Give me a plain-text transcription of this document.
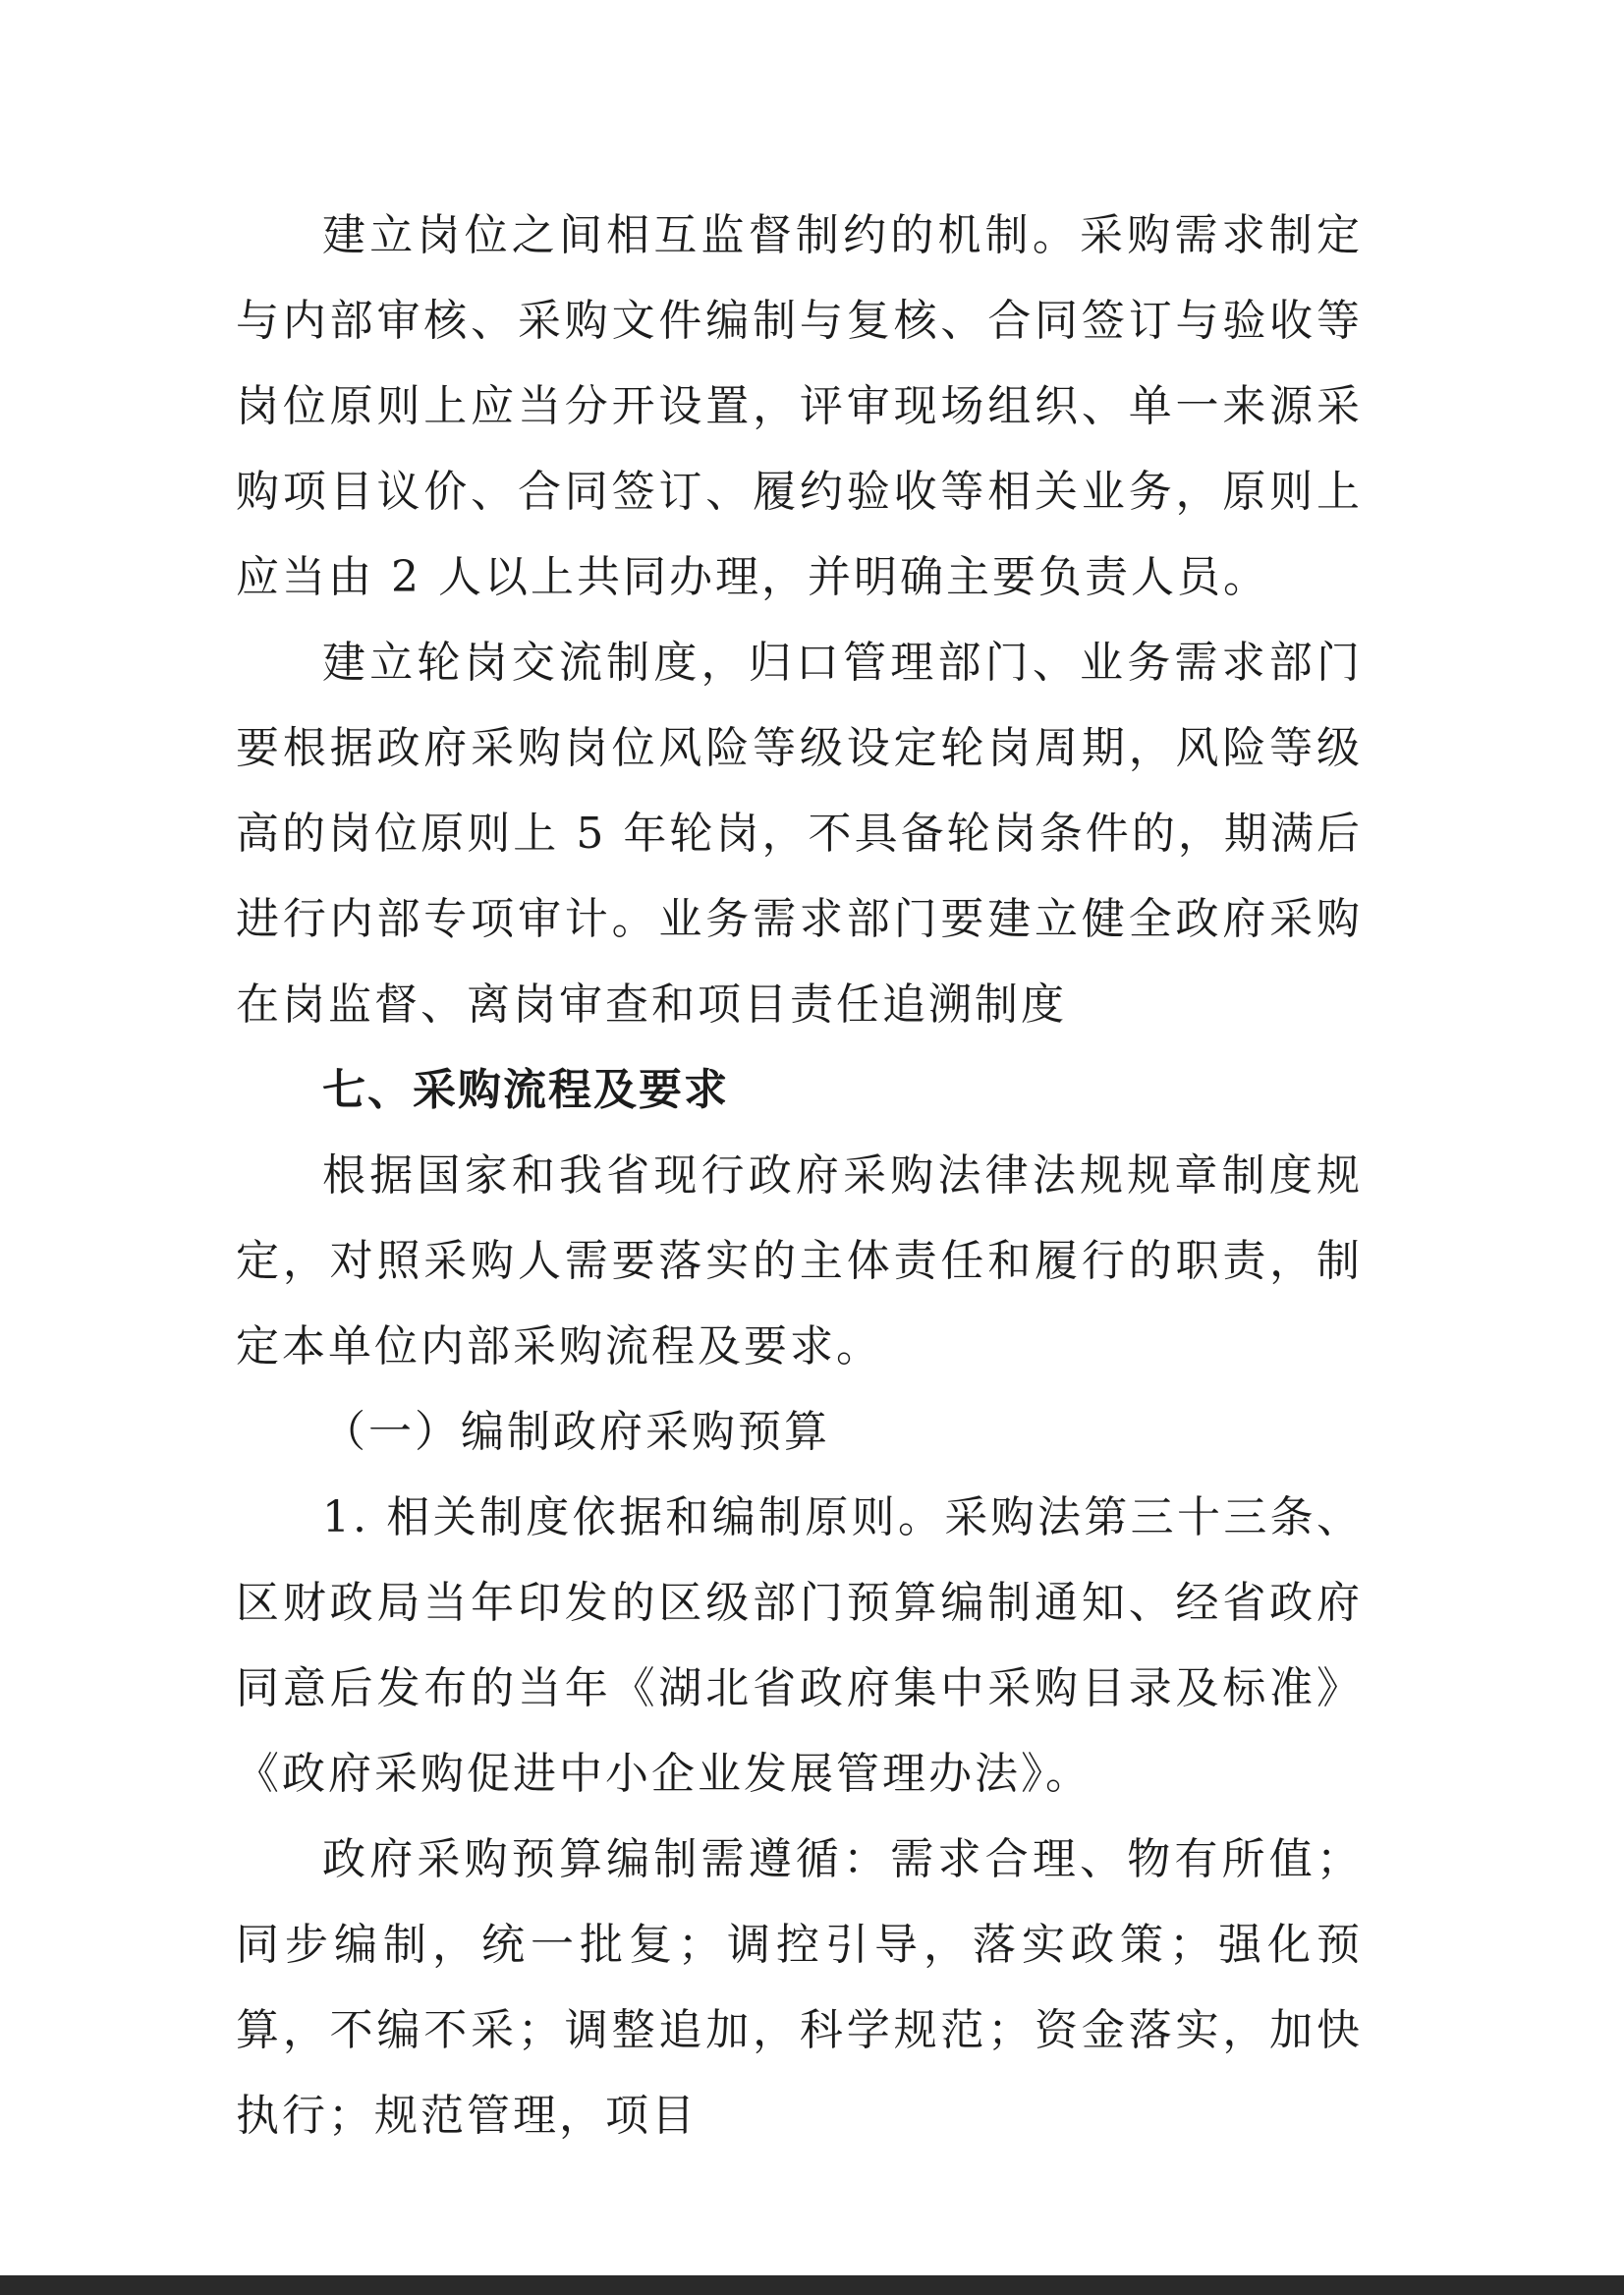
建立岗位之间相互监督制约的机制。采购需求制定与内部审核、采购文件编制与复核、合同签订与验收等岗位原则上应当分开设置，评审现场组织、单一来源采购项目议价、合同签订、履约验收等相关业务，原则上应当由 2 人以上共同办理，并明确主要负责人员。

建立轮岗交流制度，归口管理部门、业务需求部门要根据政府采购岗位风险等级设定轮岗周期，风险等级高的岗位原则上 5 年轮岗，不具备轮岗条件的，期满后进行内部专项审计。业务需求部门要建立健全政府采购在岗监督、离岗审查和项目责任追溯制度

七、采购流程及要求

根据国家和我省现行政府采购法律法规规章制度规定，对照采购人需要落实的主体责任和履行的职责，制定本单位内部采购流程及要求。

（一）编制政府采购预算

1. 相关制度依据和编制原则。采购法第三十三条、区财政局当年印发的区级部门预算编制通知、经省政府同意后发布的当年《湖北省政府集中采购目录及标准》《政府采购促进中小企业发展管理办法》。

政府采购预算编制需遵循：需求合理、物有所值；同步编制，统一批复；调控引导，落实政策；强化预算，不编不采；调整追加，科学规范；资金落实，加快执行；规范管理，项目
